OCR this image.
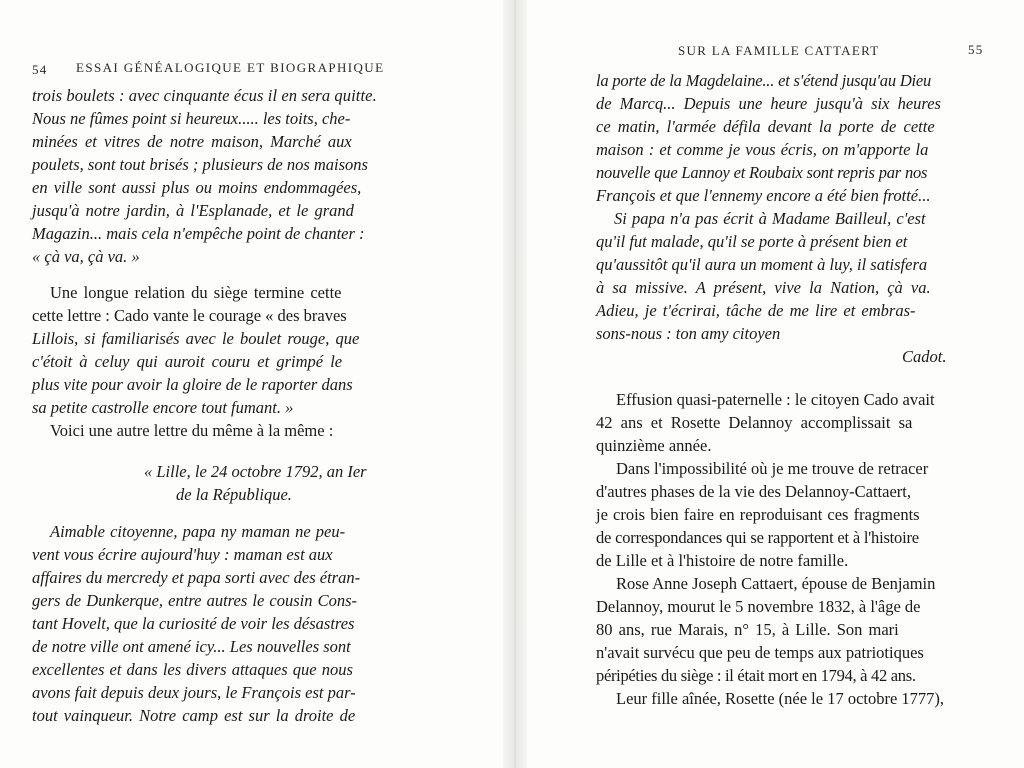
54 ESSAI GÉNÉALOGIQUE ET BIOGRAPHIQUE
trois boulets : avec cinquante écus il en sera quitte.
Nous ne fûmes point si heureux..... les toits, che-
minées et vitres de notre maison, Marché aux
poulets, sont tout brisés ; plusieurs de nos maisons
en ville sont aussi plus ou moins endommagées,
jusqu'à notre jardin, à l'Esplanade, et le grand
Magazin... mais cela n'empêche point de chanter :
« çà va, çà va. »
Une longue relation du siège termine cette
cette lettre : Cado vante le courage « des braves
Lillois, si familiarisés avec le boulet rouge, que
c'étoit à celuy qui auroit couru et grimpé le
plus vite pour avoir la gloire de le raporter dans
sa petite castrolle encore tout fumant. »
Voici une autre lettre du même à la même :
« Lille, le 24 octobre 1792, an Ier
de la République.
Aimable citoyenne, papa ny maman ne peu-
vent vous écrire aujourd'huy : maman est aux
affaires du mercredy et papa sorti avec des étran-
gers de Dunkerque, entre autres le cousin Cons-
tant Hovelt, que la curiosité de voir les désastres
de notre ville ont amené icy... Les nouvelles sont
excellentes et dans les divers attaques que nous
avons fait depuis deux jours, le François est par-
tout vainqueur. Notre camp est sur la droite de
SUR LA FAMILLE CATTAERT	55
la porte de la Magdelaine... et s'étend jusqu'au Dieu
de Marcq... Depuis une heure jusqu'à six heures
ce matin, l'armée défila devant la porte de cette
maison : et comme je vous écris, on m'apporte la
nouvelle que Lannoy et Roubaix sont repris par nos
François et que l'ennemy encore a été bien frotté...
Si papa n'a pas écrit à Madame Bailleul, c'est
qu'il fut malade, qu'il se porte à présent bien et
qu'aussitôt qu'il aura un moment à luy, il satisfera
à sa missive. A présent, vive la Nation, çà va.
Adieu, je t'écrirai, tâche de me lire et embras-
sons-nous : ton amy citoyen
Cadot.
Effusion quasi-paternelle : le citoyen Cado avait
42 ans et Rosette Delannoy accomplissait sa
quinzième année.
Dans l'impossibilité où je me trouve de retracer
d'autres phases de la vie des Delannoy-Cattaert,
je crois bien faire en reproduisant ces fragments
de correspondances qui se rapportent et à l'histoire
de Lille et à l'histoire de notre famille.
Rose Anne Joseph Cattaert, épouse de Benjamin
Delannoy, mourut le 5 novembre 1832, à l'âge de
80 ans, rue Marais, n° 15, à Lille. Son mari
n'avait survécu que peu de temps aux patriotiques
péripéties du siège : il était mort en 1794, à 42 ans.
Leur fille aînée, Rosette (née le 17 octobre 1777),
